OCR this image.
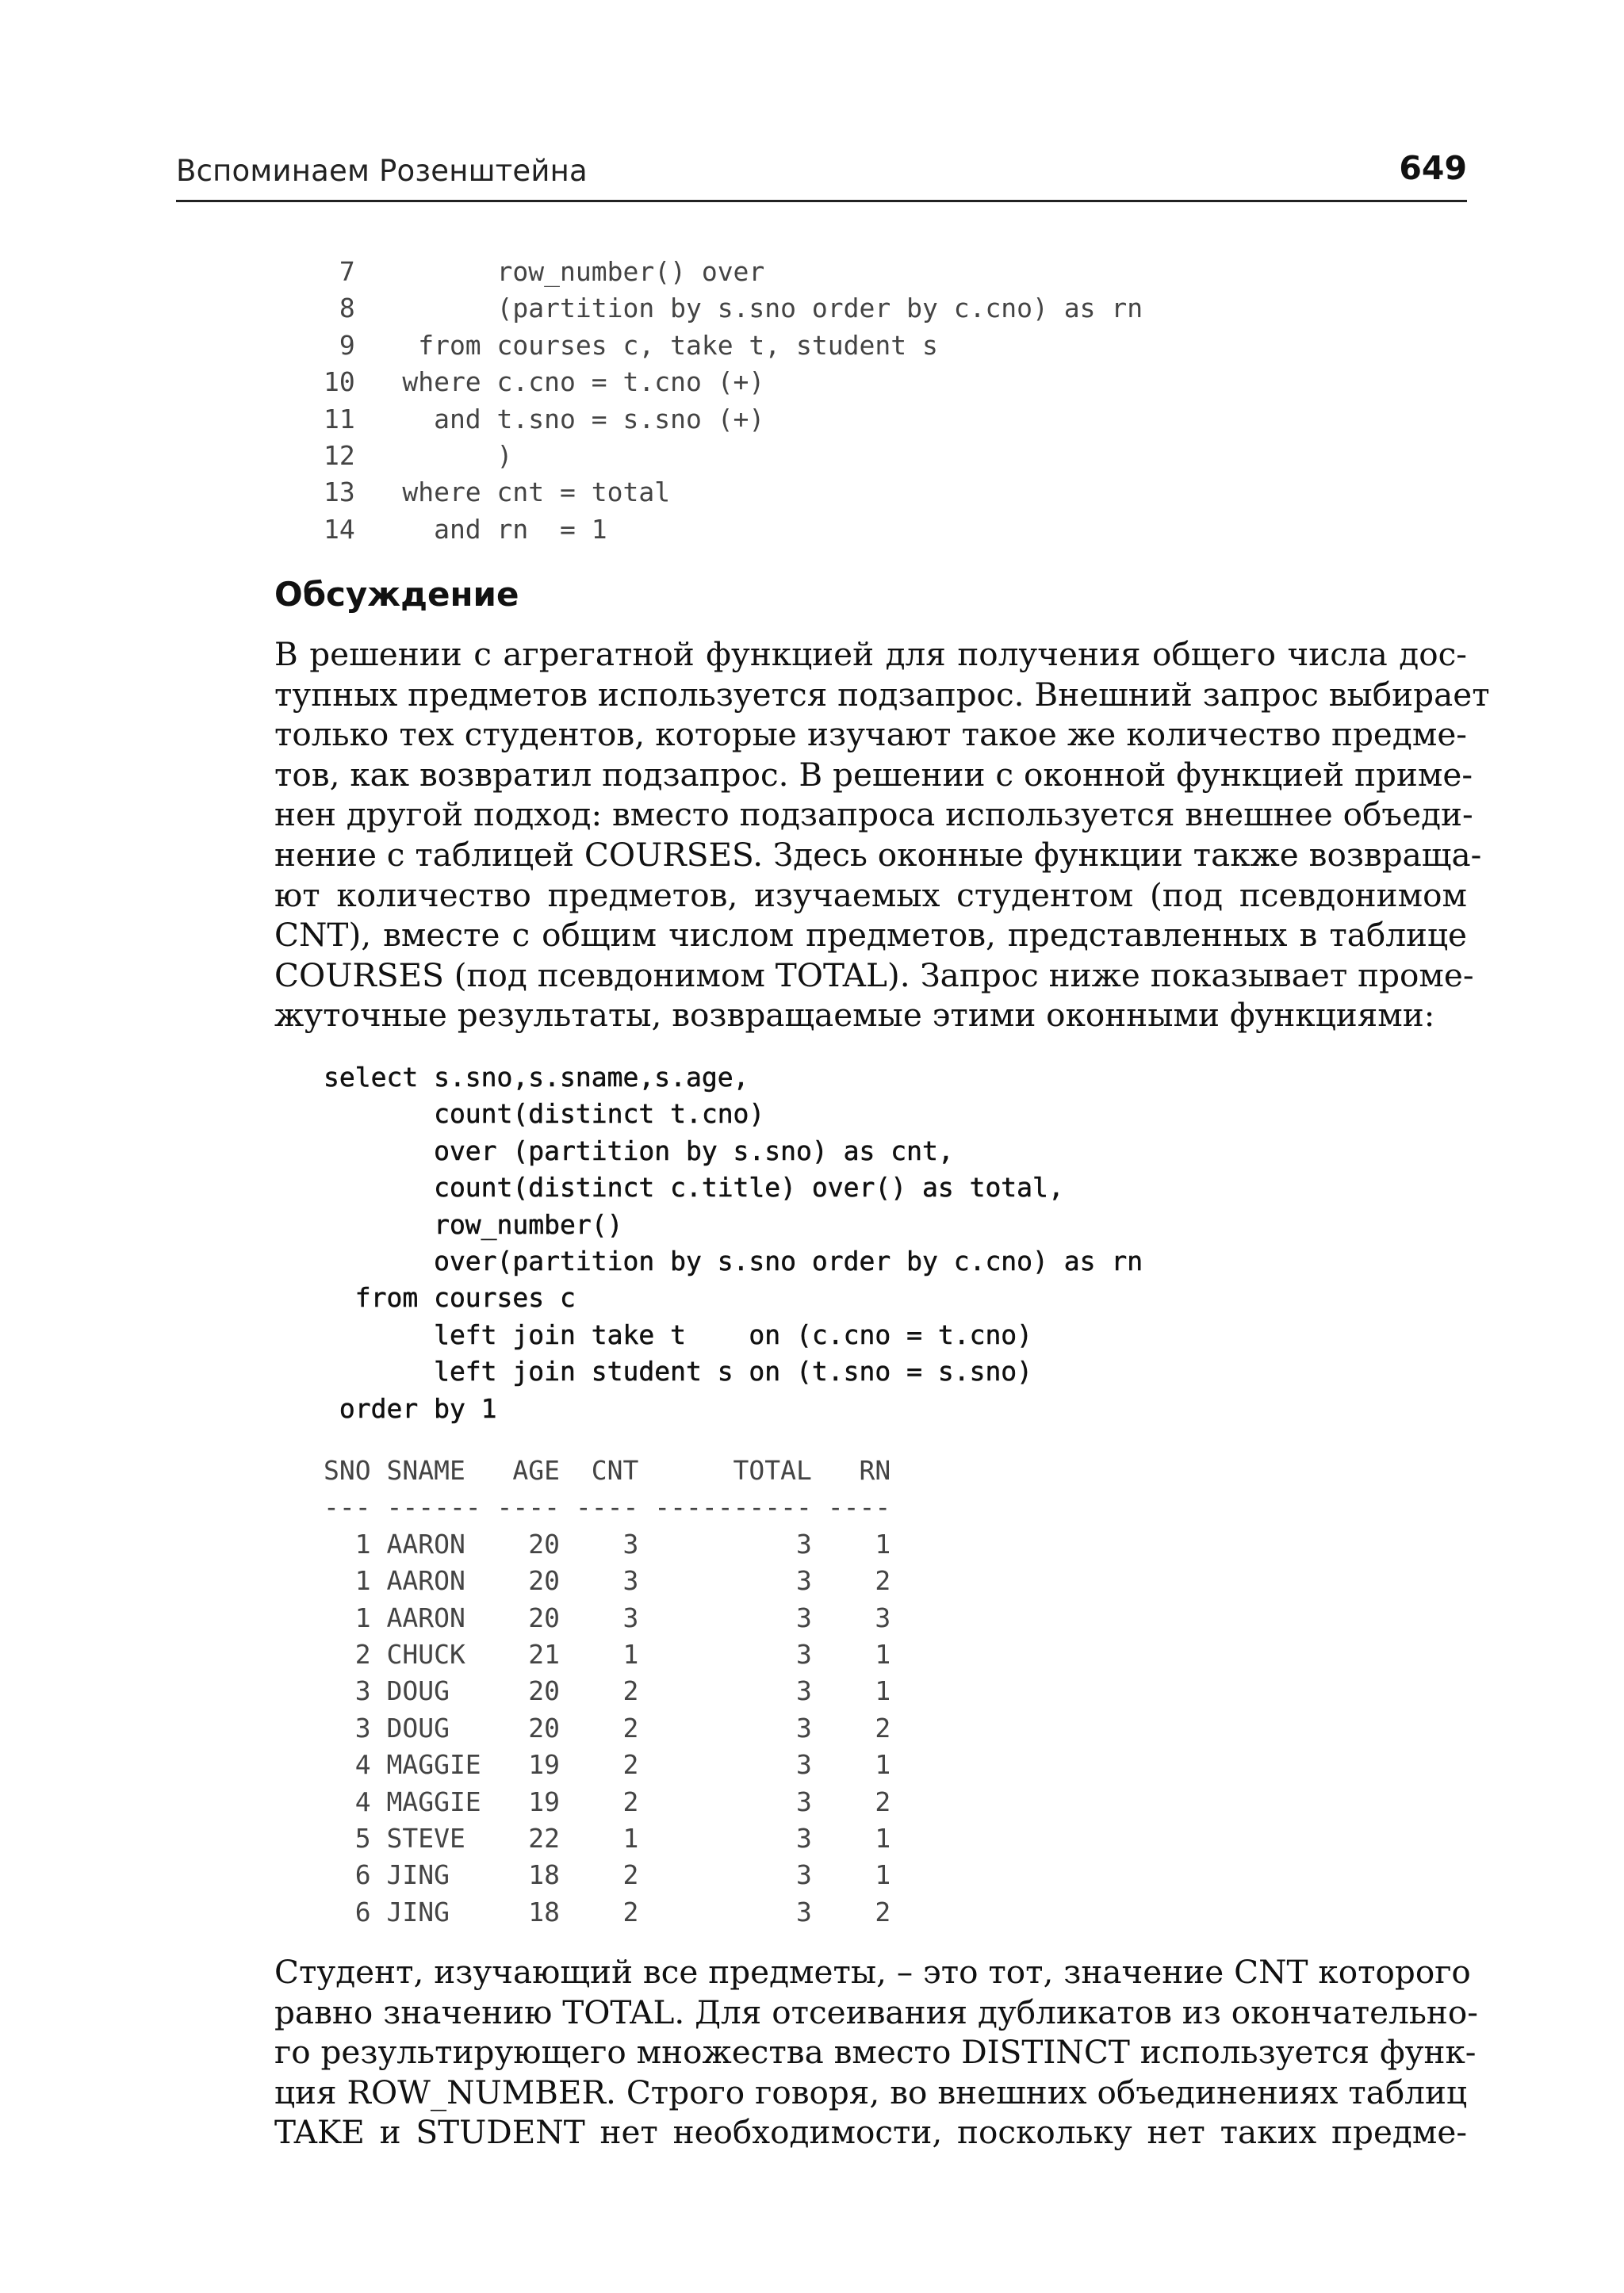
Вспоминаем Розенштейна	649
7         row_number() over
8         (partition by s.sno order by c.cno) as rn
9    from courses c, take t, student s
10   where c.cno = t.cno (+)
11     and t.sno = s.sno (+)
12         )
13   where cnt = total
14     and rn  = 1
Обсуждение
В решении с агрегатной функцией для получения общего числа дос-
тупных предметов используется подзапрос. Внешний запрос выбирает
только тех студентов, которые изучают такое же количество предме-
тов, как возвратил подзапрос. В решении с оконной функцией приме-
нен другой подход: вместо подзапроса используется внешнее объеди-
нение с таблицей COURSES. Здесь оконные функции также возвраща-
ют количество предметов, изучаемых студентом (под псевдонимом
CNT), вместе с общим числом предметов, представленных в таблице
COURSES (под псевдонимом TOTAL). Запрос ниже показывает проме-
жуточные результаты, возвращаемые этими оконными функциями:
select s.sno,s.sname,s.age,
count(distinct t.cno)
over (partition by s.sno) as cnt,
count(distinct c.title) over() as total,
row_number()
over(partition by s.sno order by c.cno) as rn
from courses c
left join take t    on (c.cno = t.cno)
left join student s on (t.sno = s.sno)
order by 1
SNO SNAME   AGE  CNT      TOTAL   RN
--- ------ ---- ---- ---------- ----
1 AARON    20    3          3    1
1 AARON    20    3          3    2
1 AARON    20    3          3    3
2 CHUCK    21    1          3    1
3 DOUG     20    2          3    1
3 DOUG     20    2          3    2
4 MAGGIE   19    2          3    1
4 MAGGIE   19    2          3    2
5 STEVE    22    1          3    1
6 JING     18    2          3    1
6 JING     18    2          3    2
Студент, изучающий все предметы, – это тот, значение CNT которого
равно значению TOTAL. Для отсеивания дубликатов из окончательно-
го результирующего множества вместо DISTINCT используется функ-
ция ROW_NUMBER. Строго говоря, во внешних объединениях таблиц
TAKE и STUDENT нет необходимости, поскольку нет таких предме-
